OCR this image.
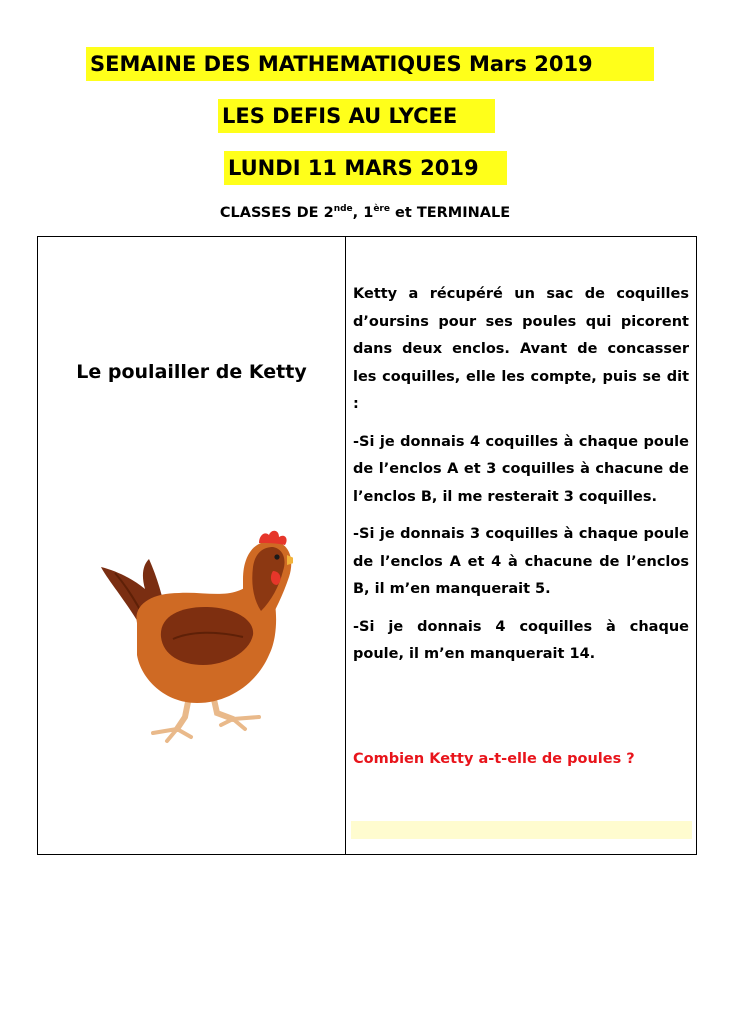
SEMAINE DES MATHEMATIQUES Mars 2019
LES DEFIS AU LYCEE
LUNDI 11 MARS 2019
CLASSES DE 2nde, 1ère et TERMINALE
Le poulailler de Ketty

Ketty a récupéré un sac de coquilles d’oursins pour ses poules qui picorent dans deux enclos. Avant de concasser les coquilles, elle les compte, puis se dit :

-Si je donnais 4 coquilles à chaque poule de l’enclos A et 3 coquilles à chacune de l’enclos B, il me resterait 3 coquilles.

-Si je donnais 3 coquilles à chaque poule de l’enclos A et 4 à chacune de l’enclos B, il m’en manquerait 5.

-Si je donnais 4 coquilles à chaque poule, il m’en manquerait 14.

Combien Ketty a-t-elle de poules ?
